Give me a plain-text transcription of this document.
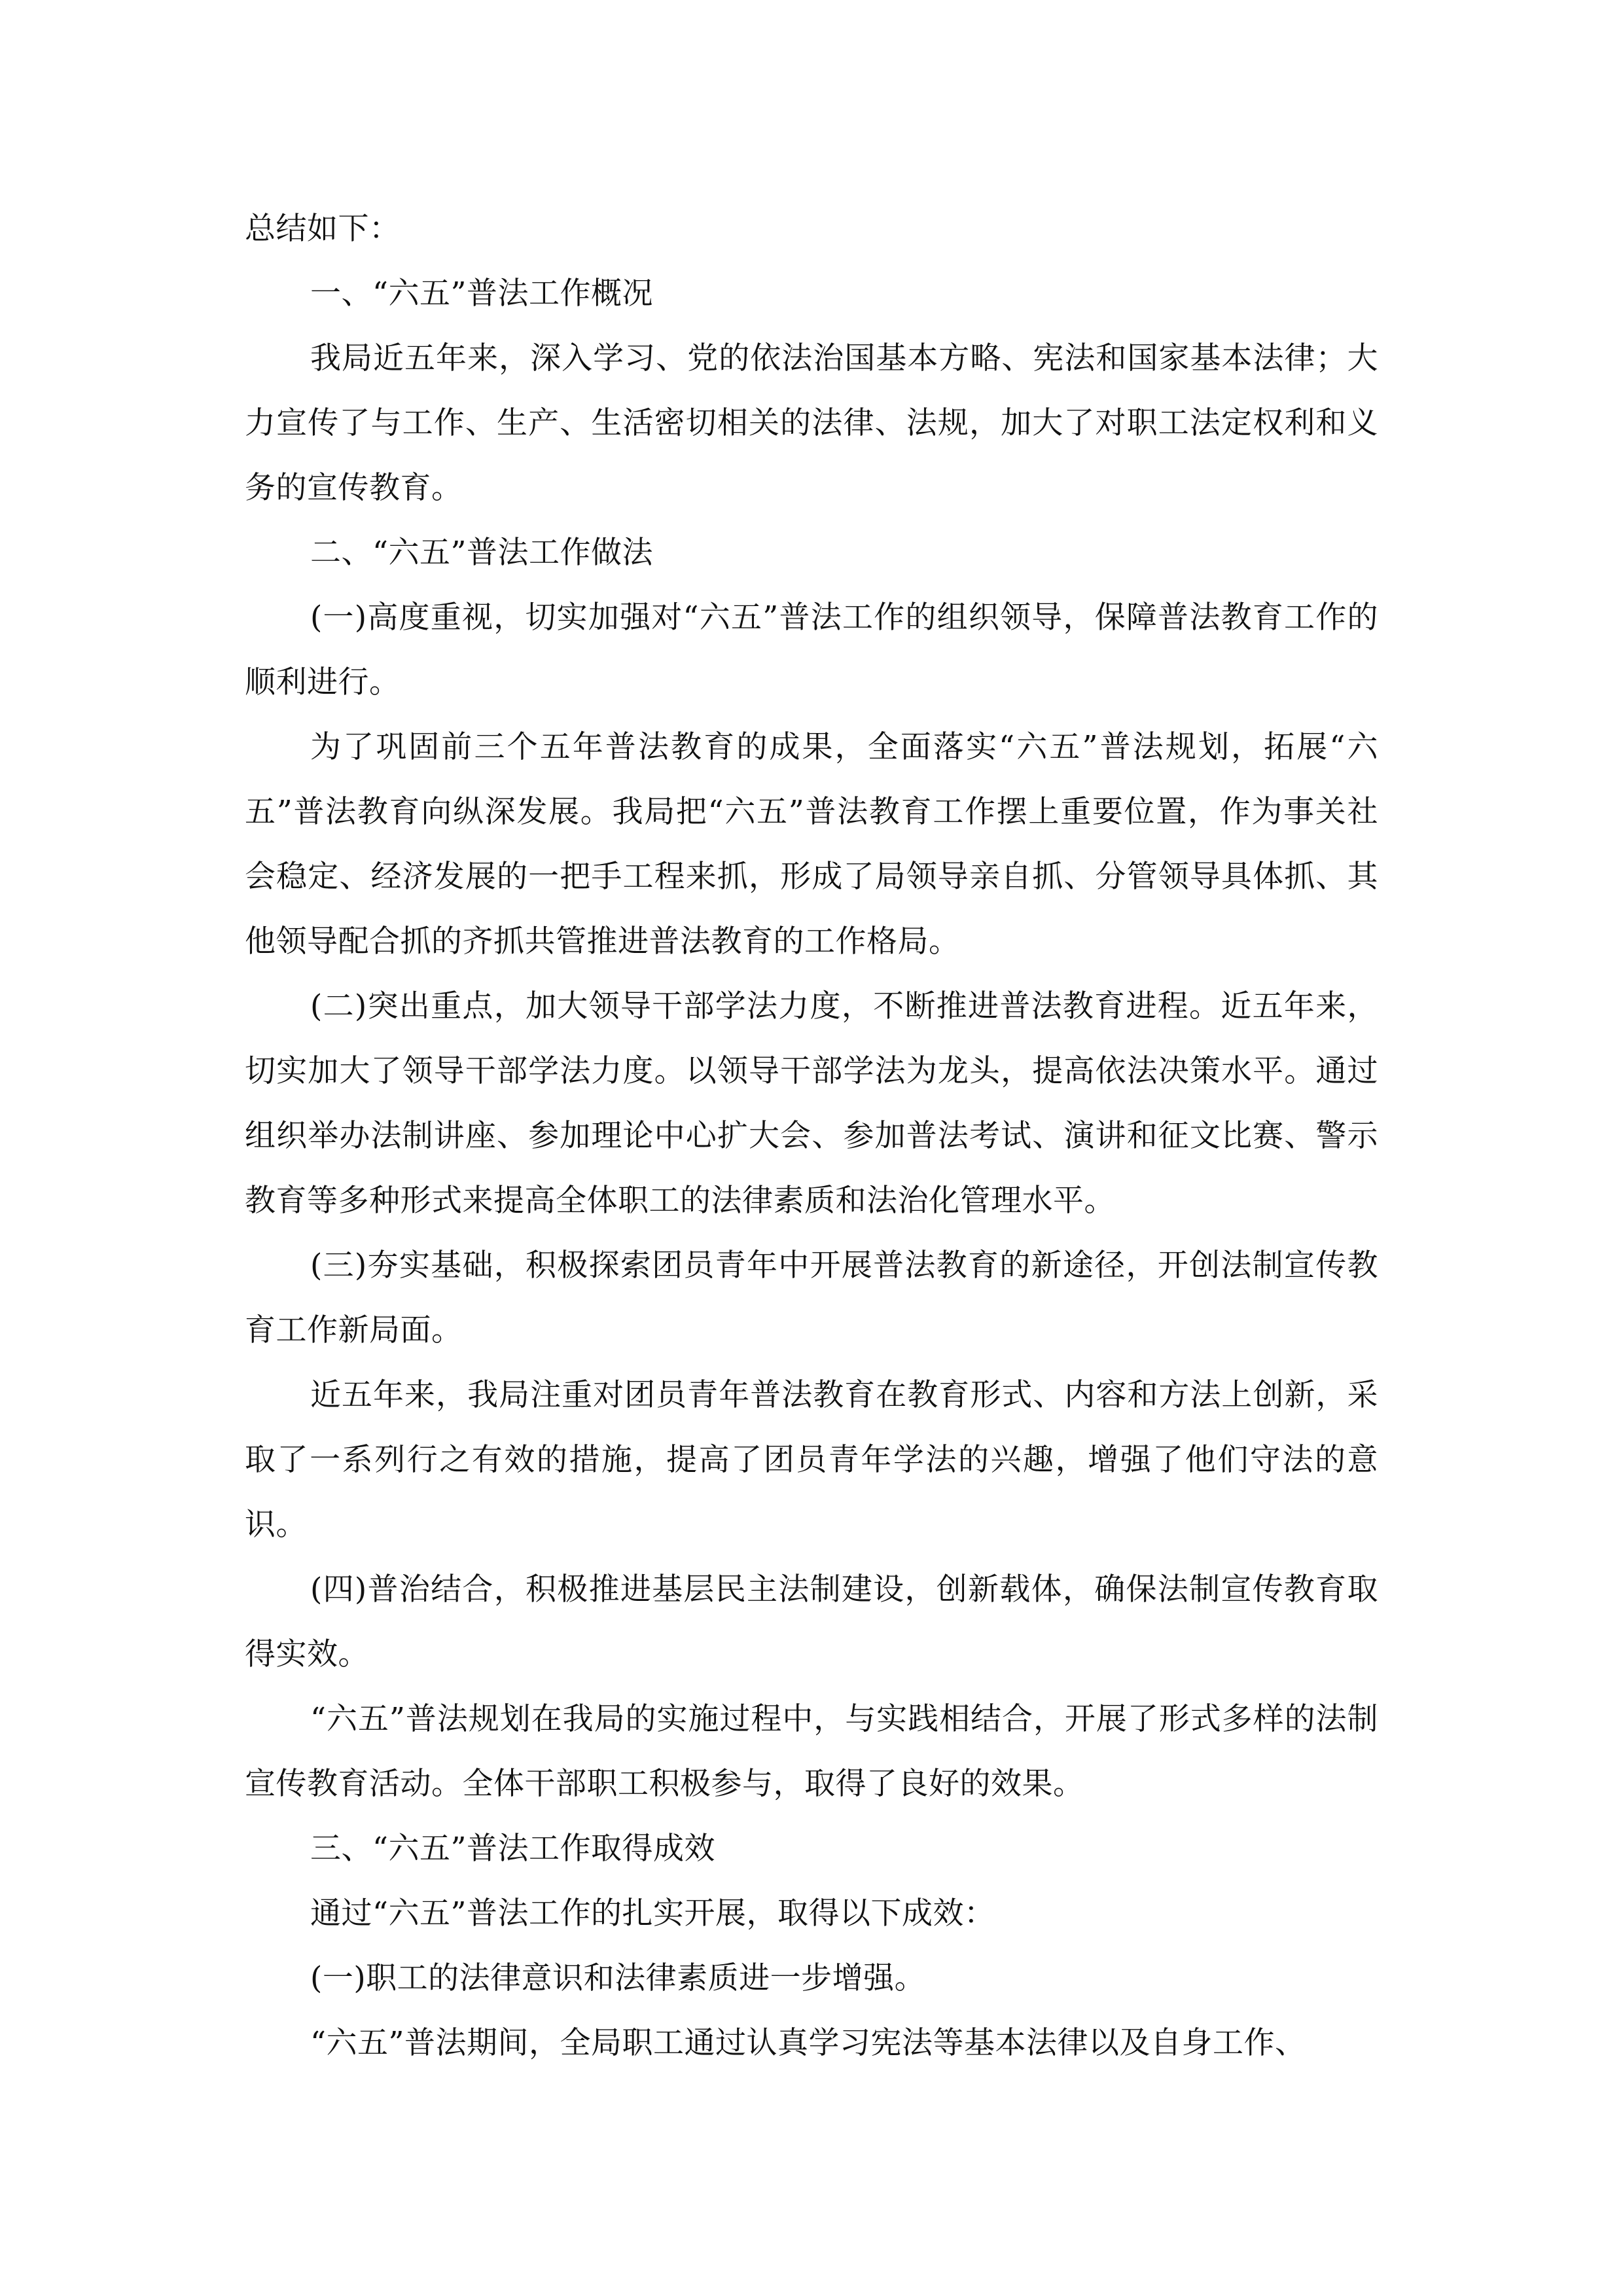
总结如下：

一、“六五”普法工作概况

我局近五年来，深入学习、党的依法治国基本方略、宪法和国家基本法律；大力宣传了与工作、生产、生活密切相关的法律、法规，加大了对职工法定权利和义务的宣传教育。

二、“六五”普法工作做法

(一)高度重视，切实加强对“六五”普法工作的组织领导，保障普法教育工作的顺利进行。

为了巩固前三个五年普法教育的成果，全面落实“六五”普法规划，拓展“六五”普法教育向纵深发展。我局把“六五”普法教育工作摆上重要位置，作为事关社会稳定、经济发展的一把手工程来抓，形成了局领导亲自抓、分管领导具体抓、其他领导配合抓的齐抓共管推进普法教育的工作格局。

(二)突出重点，加大领导干部学法力度，不断推进普法教育进程。近五年来，切实加大了领导干部学法力度。以领导干部学法为龙头，提高依法决策水平。通过组织举办法制讲座、参加理论中心扩大会、参加普法考试、演讲和征文比赛、警示教育等多种形式来提高全体职工的法律素质和法治化管理水平。

(三)夯实基础，积极探索团员青年中开展普法教育的新途径，开创法制宣传教育工作新局面。

近五年来，我局注重对团员青年普法教育在教育形式、内容和方法上创新，采取了一系列行之有效的措施，提高了团员青年学法的兴趣，增强了他们守法的意识。

(四)普治结合，积极推进基层民主法制建设，创新载体，确保法制宣传教育取得实效。

“六五”普法规划在我局的实施过程中，与实践相结合，开展了形式多样的法制宣传教育活动。全体干部职工积极参与，取得了良好的效果。

三、“六五”普法工作取得成效

通过“六五”普法工作的扎实开展，取得以下成效：

(一)职工的法律意识和法律素质进一步增强。

“六五”普法期间，全局职工通过认真学习宪法等基本法律以及自身工作、
